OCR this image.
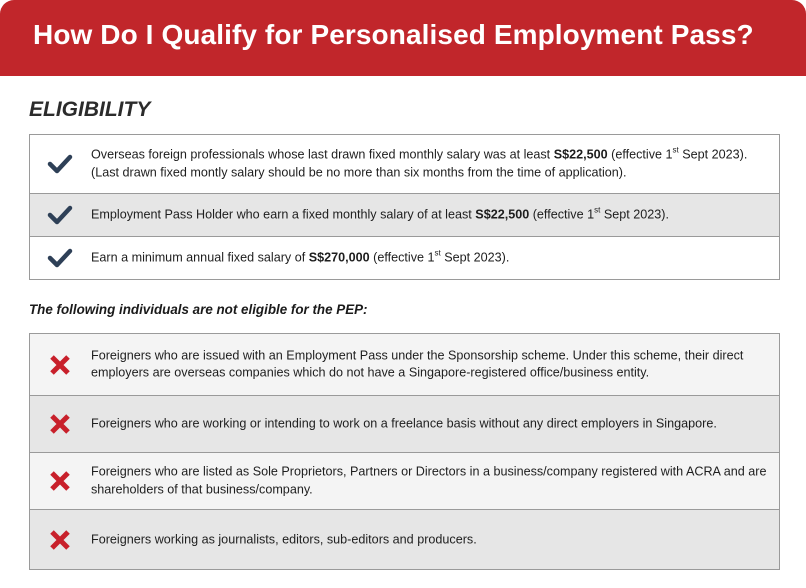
How Do I Qualify for Personalised Employment Pass?
ELIGIBILITY
Overseas foreign professionals whose last drawn fixed monthly salary was at least S$22,500 (effective 1st Sept 2023).
(Last drawn fixed montly salary should be no more than six months from the time of application).
Employment Pass Holder who earn a fixed monthly salary of at least S$22,500 (effective 1st Sept 2023).
Earn a minimum annual fixed salary of S$270,000 (effective 1st Sept 2023).
The following individuals are not eligible for the PEP:
Foreigners who are issued with an Employment Pass under the Sponsorship scheme. Under this scheme, their direct employers are overseas companies which do not have a Singapore-registered office/business entity.
Foreigners who are working or intending to work on a freelance basis without any direct employers in Singapore.
Foreigners who are listed as Sole Proprietors, Partners or Directors in a business/company registered with ACRA and are shareholders of that business/company.
Foreigners working as journalists, editors, sub-editors and producers.
